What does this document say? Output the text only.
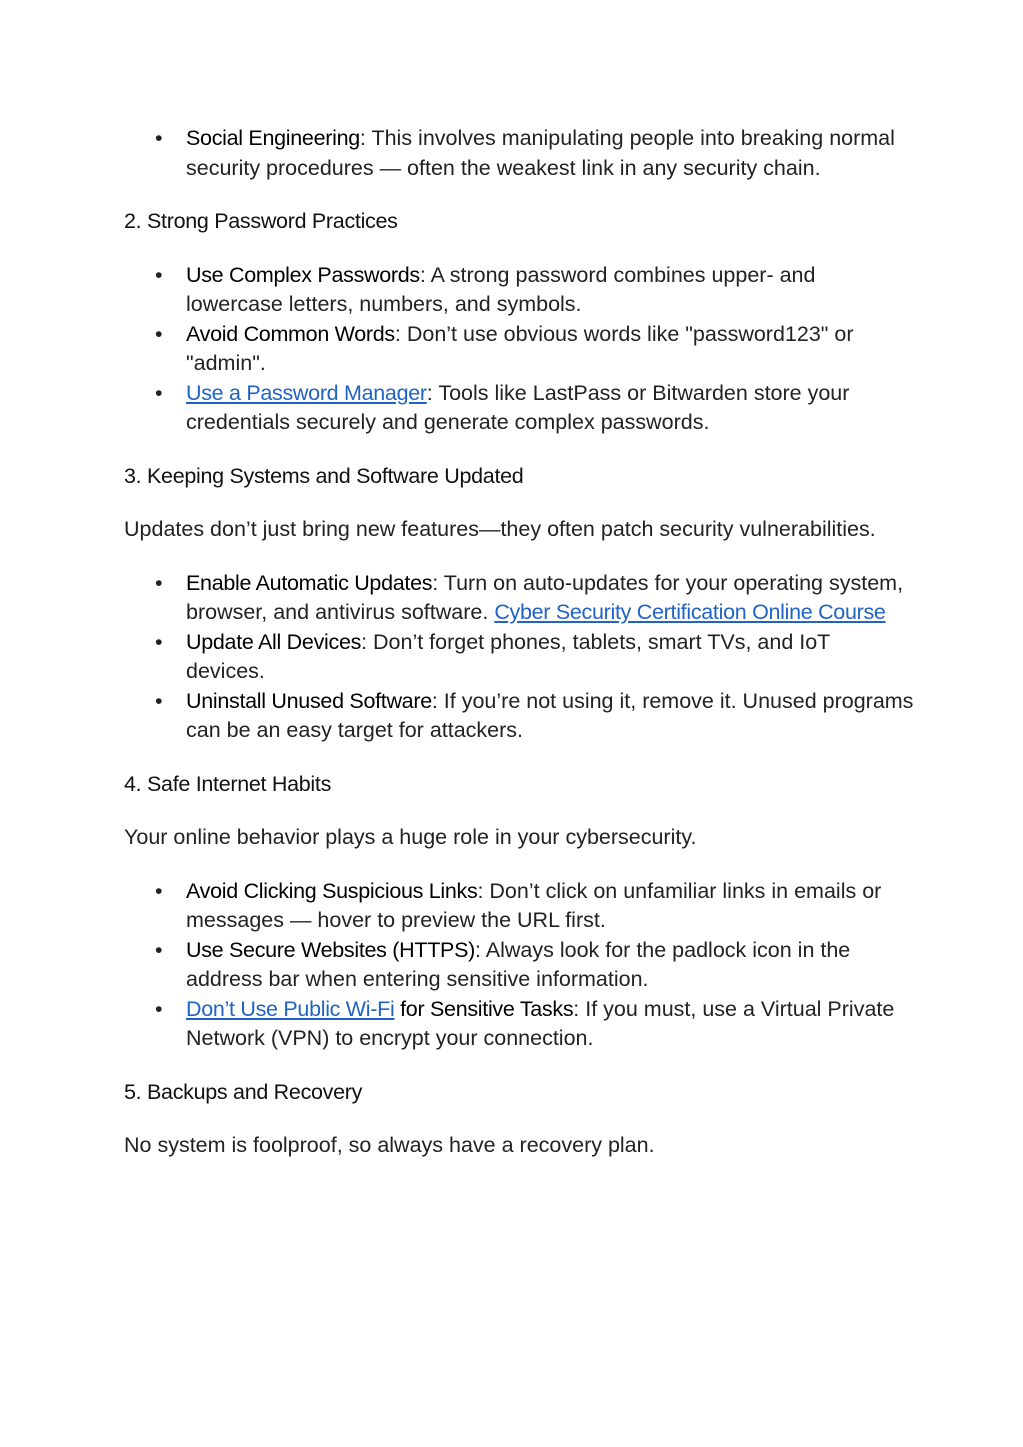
• Social Engineering: This involves manipulating people into breaking normal security procedures — often the weakest link in any security chain.

2. Strong Password Practices

• Use Complex Passwords: A strong password combines upper- and lowercase letters, numbers, and symbols.
• Avoid Common Words: Don’t use obvious words like "password123" or "admin".
• Use a Password Manager: Tools like LastPass or Bitwarden store your credentials securely and generate complex passwords.

3. Keeping Systems and Software Updated

Updates don’t just bring new features—they often patch security vulnerabilities.

• Enable Automatic Updates: Turn on auto-updates for your operating system, browser, and antivirus software. Cyber Security Certification Online Course
• Update All Devices: Don’t forget phones, tablets, smart TVs, and IoT devices.
• Uninstall Unused Software: If you’re not using it, remove it. Unused programs can be an easy target for attackers.

4. Safe Internet Habits

Your online behavior plays a huge role in your cybersecurity.

• Avoid Clicking Suspicious Links: Don’t click on unfamiliar links in emails or messages — hover to preview the URL first.
• Use Secure Websites (HTTPS): Always look for the padlock icon in the address bar when entering sensitive information.
• Don’t Use Public Wi-Fi for Sensitive Tasks: If you must, use a Virtual Private Network (VPN) to encrypt your connection.

5. Backups and Recovery

No system is foolproof, so always have a recovery plan.
